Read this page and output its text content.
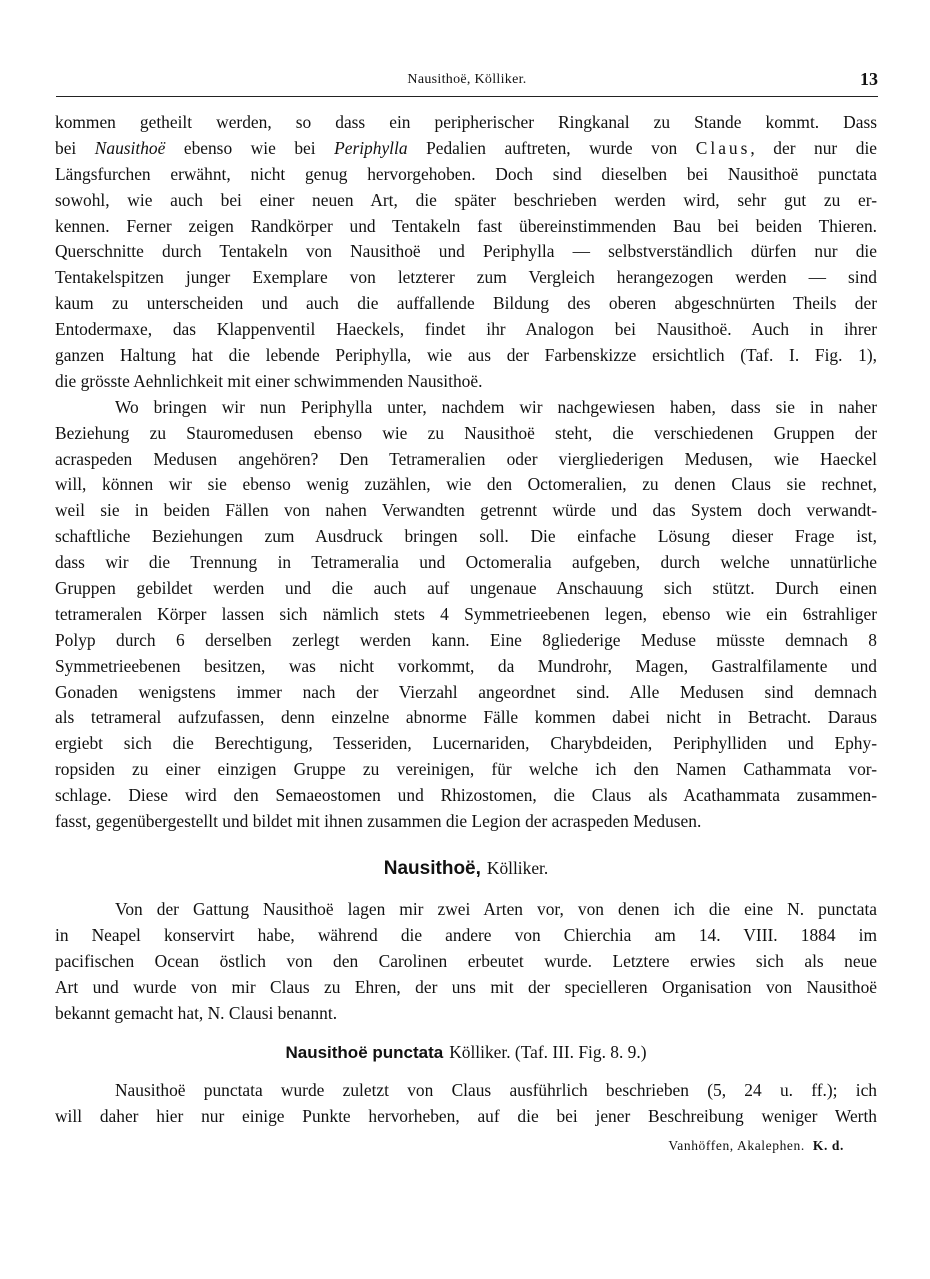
Nausithoë, Kölliker.	13
kommen getheilt werden, so dass ein peripherischer Ringkanal zu Stande kommt. Dass
bei Nausithoë ebenso wie bei Periphylla Pedalien auftreten, wurde von Claus, der nur die
Längsfurchen erwähnt, nicht genug hervorgehoben. Doch sind dieselben bei Nausithoë punctata
sowohl, wie auch bei einer neuen Art, die später beschrieben werden wird, sehr gut zu er-
kennen. Ferner zeigen Randkörper und Tentakeln fast übereinstimmenden Bau bei beiden Thieren.
Querschnitte durch Tentakeln von Nausithoë und Periphylla — selbstverständlich dürfen nur die
Tentakelspitzen junger Exemplare von letzterer zum Vergleich herangezogen werden — sind
kaum zu unterscheiden und auch die auffallende Bildung des oberen abgeschnürten Theils der
Entodermaxe, das Klappenventil Haeckels, findet ihr Analogon bei Nausithoë. Auch in ihrer
ganzen Haltung hat die lebende Periphylla, wie aus der Farbenskizze ersichtlich (Taf. I. Fig. 1),
die grösste Aehnlichkeit mit einer schwimmenden Nausithoë.
Wo bringen wir nun Periphylla unter, nachdem wir nachgewiesen haben, dass sie in naher
Beziehung zu Stauromedusen ebenso wie zu Nausithoë steht, die verschiedenen Gruppen der
acraspeden Medusen angehören? Den Tetrameralien oder viergliederigen Medusen, wie Haeckel
will, können wir sie ebenso wenig zuzählen, wie den Octomeralien, zu denen Claus sie rechnet,
weil sie in beiden Fällen von nahen Verwandten getrennt würde und das System doch verwandt-
schaftliche Beziehungen zum Ausdruck bringen soll. Die einfache Lösung dieser Frage ist,
dass wir die Trennung in Tetrameralia und Octomeralia aufgeben, durch welche unnatürliche
Gruppen gebildet werden und die auch auf ungenaue Anschauung sich stützt. Durch einen
tetrameralen Körper lassen sich nämlich stets 4 Symmetrieebenen legen, ebenso wie ein 6strahliger
Polyp durch 6 derselben zerlegt werden kann. Eine 8gliederige Meduse müsste demnach 8
Symmetrieebenen besitzen, was nicht vorkommt, da Mundrohr, Magen, Gastralfilamente und
Gonaden wenigstens immer nach der Vierzahl angeordnet sind. Alle Medusen sind demnach
als tetrameral aufzufassen, denn einzelne abnorme Fälle kommen dabei nicht in Betracht. Daraus
ergiebt sich die Berechtigung, Tesseriden, Lucernariden, Charybdeiden, Periphylliden und Ephy-
ropsiden zu einer einzigen Gruppe zu vereinigen, für welche ich den Namen Cathammata vor-
schlage. Diese wird den Semaeostomen und Rhizostomen, die Claus als Acathammata zusammen-
fasst, gegenübergestellt und bildet mit ihnen zusammen die Legion der acraspeden Medusen.
Nausithoë, Kölliker.
Von der Gattung Nausithoë lagen mir zwei Arten vor, von denen ich die eine N. punctata
in Neapel konservirt habe, während die andere von Chierchia am 14. VIII. 1884 im
pacifischen Ocean östlich von den Carolinen erbeutet wurde. Letztere erwies sich als neue
Art und wurde von mir Claus zu Ehren, der uns mit der specielleren Organisation von Nausithoë
bekannt gemacht hat, N. Clausi benannt.
Nausithoë punctata Kölliker. (Taf. III. Fig. 8. 9.)
Nausithoë punctata wurde zuletzt von Claus ausführlich beschrieben (5, 24 u. ff.); ich
will daher hier nur einige Punkte hervorheben, auf die bei jener Beschreibung weniger Werth
Vanhöffen, Akalephen. K. d.
